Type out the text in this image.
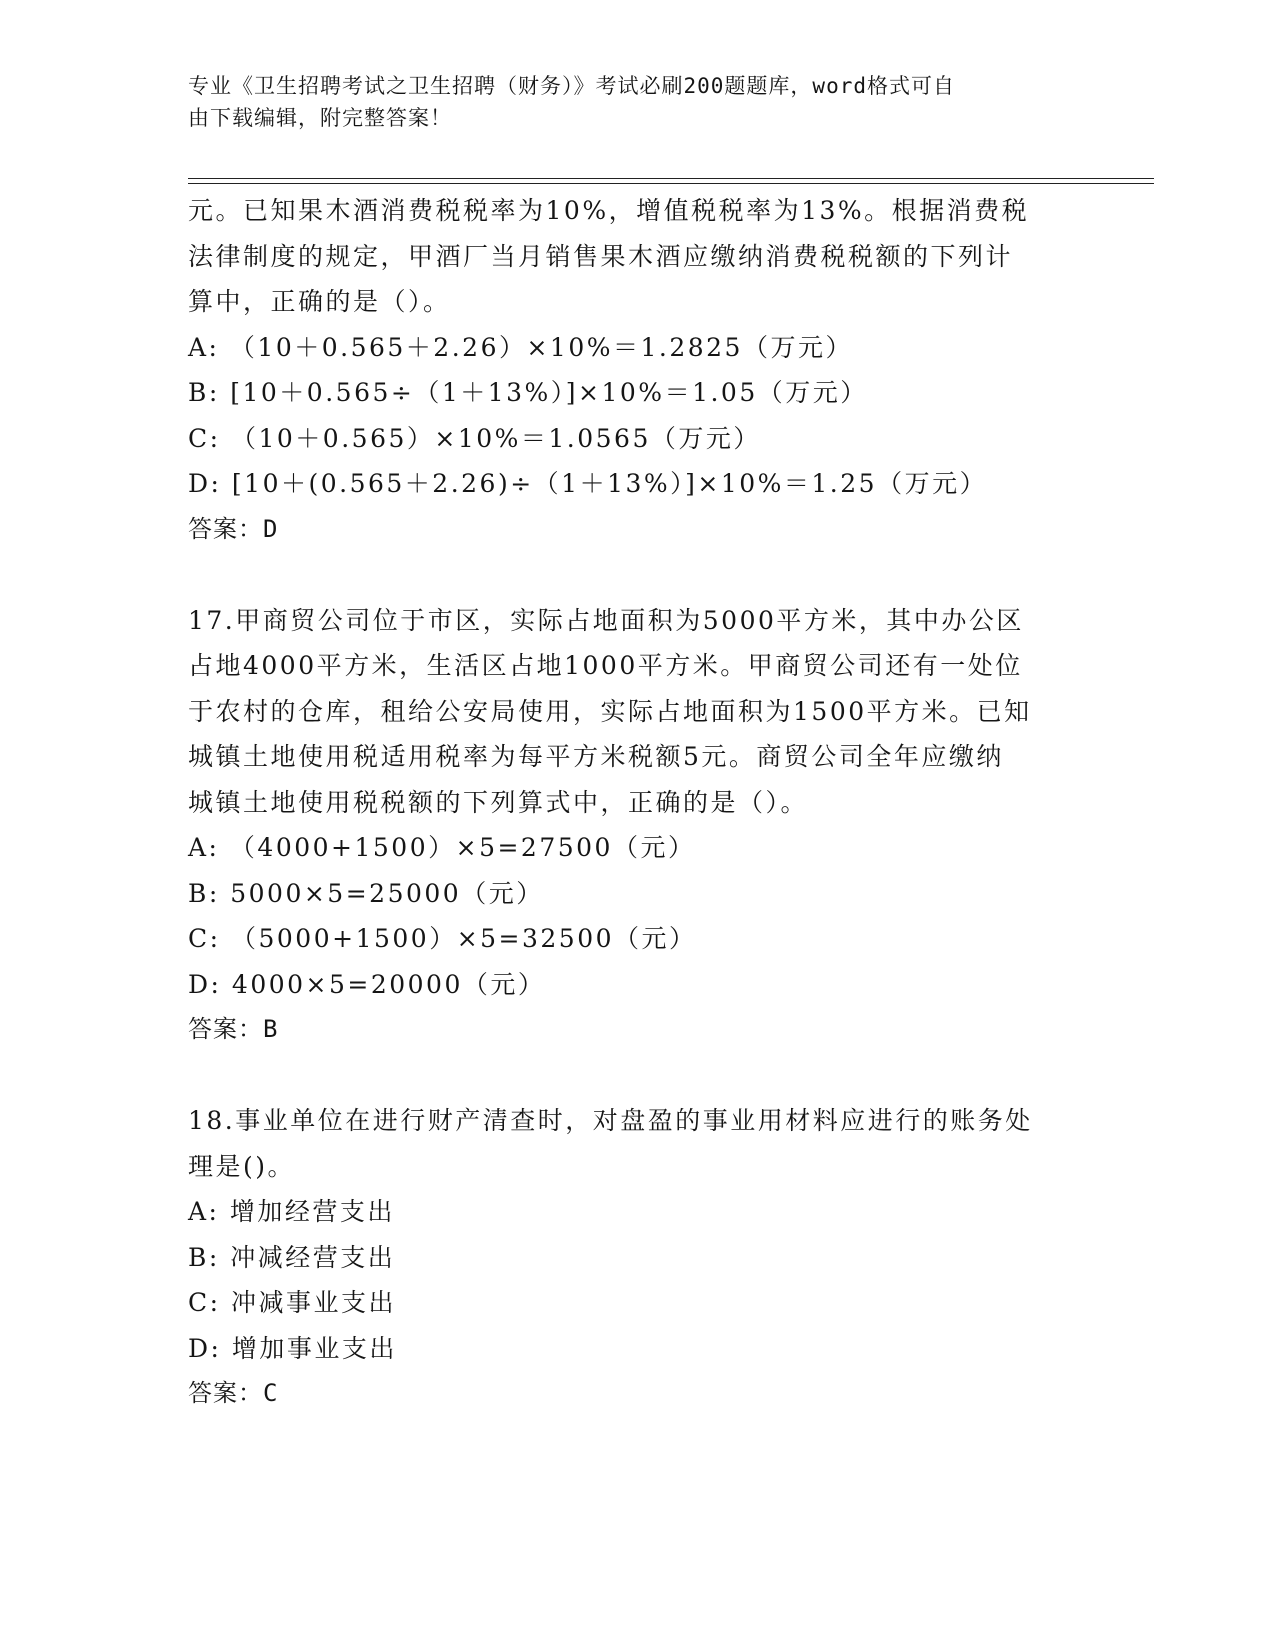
专业《卫生招聘考试之卫生招聘（财务）》考试必刷200题题库，word格式可自
由下载编辑，附完整答案！
元。已知果木酒消费税税率为10%，增值税税率为13%。根据消费税
法律制度的规定，甲酒厂当月销售果木酒应缴纳消费税税额的下列计
算中，正确的是（）。
A: （10＋0.565＋2.26）×10%＝1.2825（万元）
B: [10＋0.565÷（1＋13%）]×10%＝1.05（万元）
C: （10＋0.565）×10%＝1.0565（万元）
D: [10＋(0.565＋2.26)÷（1＋13%）]×10%＝1.25（万元）
答案：D
17.甲商贸公司位于市区，实际占地面积为5000平方米，其中办公区
占地4000平方米，生活区占地1000平方米。甲商贸公司还有一处位
于农村的仓库，租给公安局使用，实际占地面积为1500平方米。已知
城镇土地使用税适用税率为每平方米税额5元。商贸公司全年应缴纳
城镇土地使用税税额的下列算式中，正确的是（）。
A: （4000+1500）×5=27500（元）
B: 5000×5=25000（元）
C: （5000+1500）×5=32500（元）
D: 4000×5=20000（元）
答案：B
18.事业单位在进行财产清查时，对盘盈的事业用材料应进行的账务处
理是()。
A: 增加经营支出
B: 冲减经营支出
C: 冲减事业支出
D: 增加事业支出
答案：C
